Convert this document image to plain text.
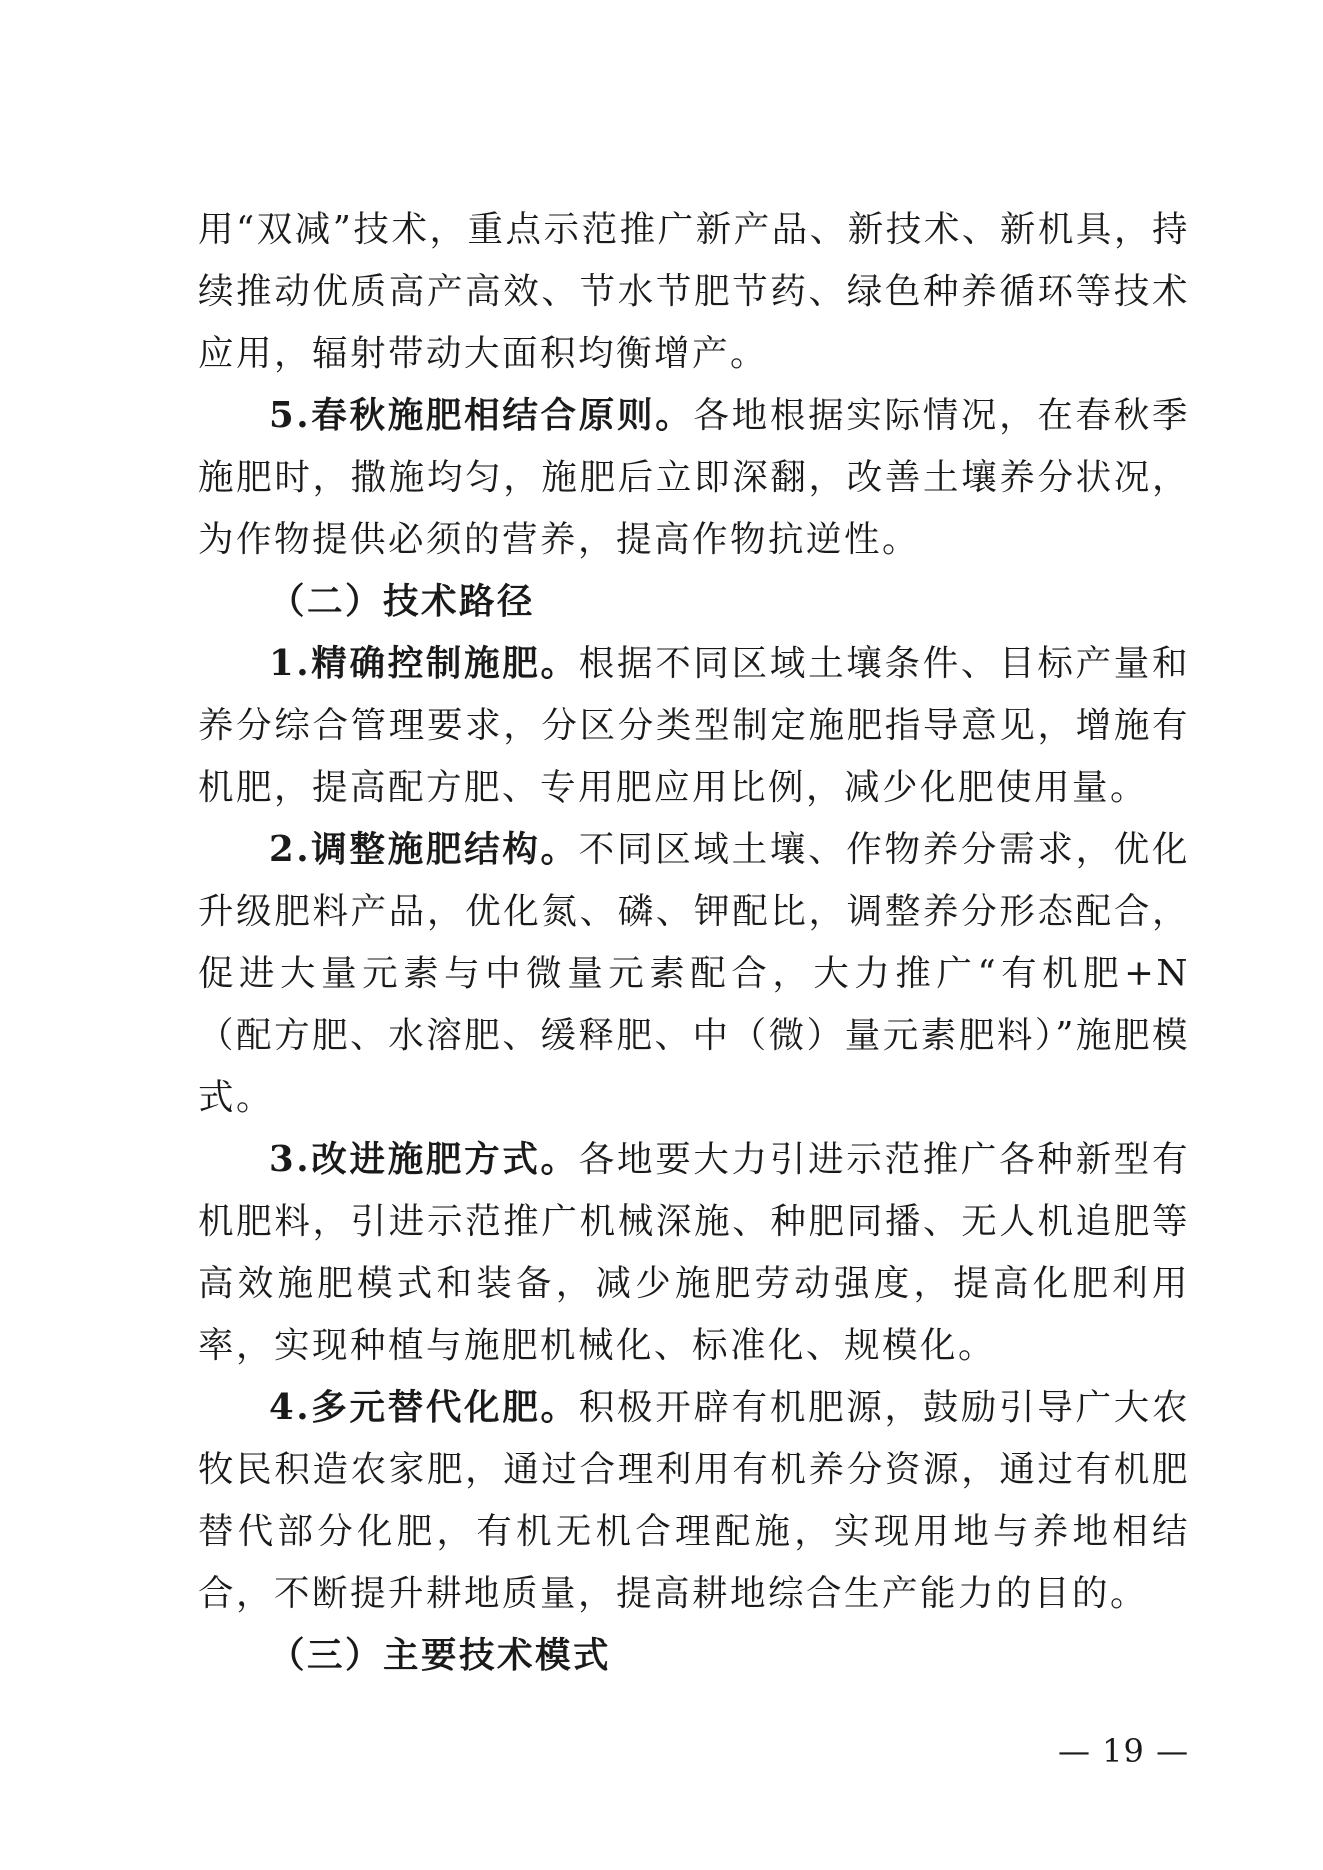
用“双减”技术，重点示范推广新产品、新技术、新机具，持续推动优质高产高效、节水节肥节药、绿色种养循环等技术应用，辐射带动大面积均衡增产。

5.春秋施肥相结合原则。各地根据实际情况，在春秋季施肥时，撒施均匀，施肥后立即深翻，改善土壤养分状况，为作物提供必须的营养，提高作物抗逆性。

（二）技术路径

1.精确控制施肥。根据不同区域土壤条件、目标产量和养分综合管理要求，分区分类型制定施肥指导意见，增施有机肥，提高配方肥、专用肥应用比例，减少化肥使用量。

2.调整施肥结构。不同区域土壤、作物养分需求，优化升级肥料产品，优化氮、磷、钾配比，调整养分形态配合，促进大量元素与中微量元素配合，大力推广“有机肥+N（配方肥、水溶肥、缓释肥、中（微）量元素肥料）”施肥模式。

3.改进施肥方式。各地要大力引进示范推广各种新型有机肥料，引进示范推广机械深施、种肥同播、无人机追肥等高效施肥模式和装备，减少施肥劳动强度，提高化肥利用率，实现种植与施肥机械化、标准化、规模化。

4.多元替代化肥。积极开辟有机肥源，鼓励引导广大农牧民积造农家肥，通过合理利用有机养分资源，通过有机肥替代部分化肥，有机无机合理配施，实现用地与养地相结合，不断提升耕地质量，提高耕地综合生产能力的目的。

（三）主要技术模式

— 19 —
